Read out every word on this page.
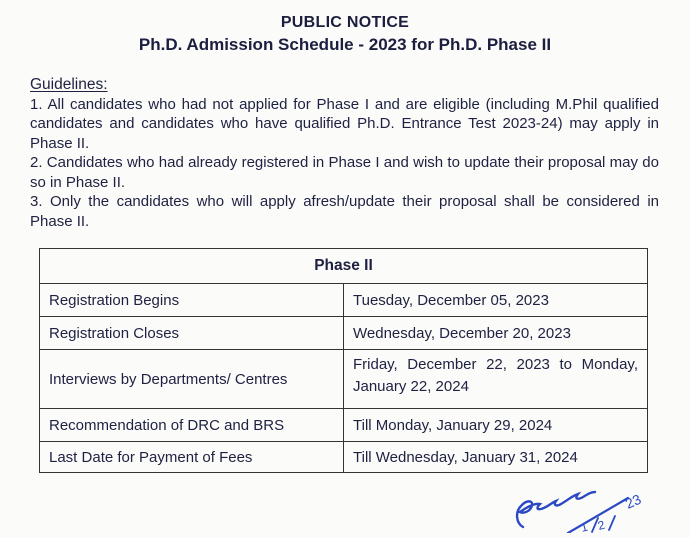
PUBLIC NOTICE
Ph.D. Admission Schedule - 2023 for Ph.D. Phase II
Guidelines:

1. All candidates who had not applied for Phase I and are eligible (including M.Phil qualified candidates and candidates who have qualified Ph.D. Entrance Test 2023-24) may apply in Phase II.

2. Candidates who had already registered in Phase I and wish to update their proposal may do so in Phase II.

3. Only the candidates who will apply afresh/update their proposal shall be considered in Phase II.

Phase II	
Registration Begins	Tuesday, December 05, 2023
Registration Closes	Wednesday, December 20, 2023
Interviews by Departments/ Centres	Friday, December 22, 2023 to Monday, January 22, 2024
Recommendation of DRC and BRS	Till Monday, January 29, 2024
Last Date for Payment of Fees	Till Wednesday, January 31, 2024
1 2
23
